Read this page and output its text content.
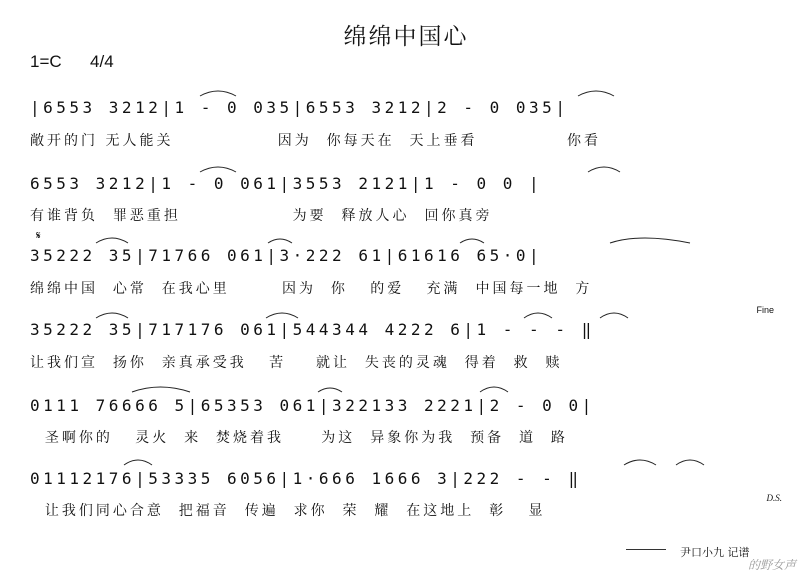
绵绵中国心
1=C 4/4
|6553 3212|1 - 0 035|6553 3212|2 - 0 035|
敞开的门 无人能关              因为  你每天在  天上垂看            你看
6553 3212|1 - 0 061|3553 2121|1 - 0 0 |
有谁背负  罪恶重担               为要  释放人心  回你真旁
𝄋
35222 35|71766 061|3·222 61|61616 65·0|
绵绵中国  心常  在我心里       因为  你   的爱   充满  中国每一地  方
Fine
35222 35|717176 061|544344 4222 6|1 - - - ‖
让我们宣  扬你  亲真承受我   苦    就让  失丧的灵魂  得着  救  赎
0111 76666 5|65353 061|322133 2221|2 - 0 0|
圣啊你的   灵火  来  焚烧着我     为这  异象你为我  预备  道  路
01112176|53335 6056|1·666 1666 3|222 - - ‖
让我们同心合意  把福音  传遍  求你  荣  耀  在这地上  彰   显
D.S.
尹口小九 记谱
的野女声
